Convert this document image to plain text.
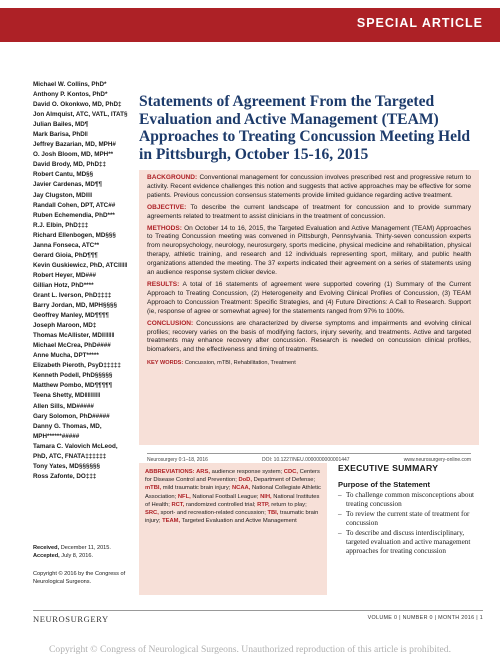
SPECIAL ARTICLE
Michael W. Collins, PhD*
Anthony P. Kontos, PhD*
David O. Okonkwo, MD, PhD‡
Jon Almquist, ATC, VATL, ITAT§
Julian Bailes, MD¶
Mark Barisa, PhD‖
Jeffrey Bazarian, MD, MPH#
O. Josh Bloom, MD, MPH**
David Brody, MD, PhD‡‡
Robert Cantu, MD§§
Javier Cardenas, MD¶¶
Jay Clugston, MD‖‖
Randall Cohen, DPT, ATC##
Ruben Echemendia, PhD***
R.J. Elbin, PhD‡‡‡
Richard Ellenbogen, MD§§§
Janna Fonseca, ATC**
Gerard Gioia, PhD¶¶¶
Kevin Guskiewicz, PhD, ATC‖‖‖
Robert Heyer, MD###
Gillian Hotz, PhD****
Grant L. Iverson, PhD‡‡‡‡
Barry Jordan, MD, MPH§§§§
Geoffrey Manley, MD¶¶¶¶
Joseph Maroon, MD‡
Thomas McAllister, MD‖‖‖‖
Michael McCrea, PhD####
Anne Mucha, DPT*****
Elizabeth Pieroth, PsyD‡‡‡‡‡
Kenneth Podell, PhD§§§§§
Matthew Pombo, MD¶¶¶¶¶
Teena Shetty, MD‖‖‖‖‖
Allen Sills, MD#####
Gary Solomon, PhD#####
Danny G. Thomas, MD,
MPH******#####
Tamara C. Valovich McLeod,
PhD, ATC, FNATA‡‡‡‡‡‡
Tony Yates, MD§§§§§§
Ross Zafonte, DO‡‡‡
Received, December 11, 2015.
Accepted, July 8, 2016.
Copyright © 2016 by the Congress of Neurological Surgeons.
Statements of Agreement From the Targeted Evaluation and Active Management (TEAM) Approaches to Treating Concussion Meeting Held in Pittsburgh, October 15-16, 2015

BACKGROUND: Conventional management for concussion involves prescribed rest and progressive return to activity. Recent evidence challenges this notion and suggests that active approaches may be effective for some patients. Previous concussion consensus statements provide limited guidance regarding active treatment.

OBJECTIVE: To describe the current landscape of treatment for concussion and to provide summary agreements related to treatment to assist clinicians in the treatment of concussion.

METHODS: On October 14 to 16, 2015, the Targeted Evaluation and Active Management (TEAM) Approaches to Treating Concussion meeting was convened in Pittsburgh, Pennsylvania. Thirty-seven concussion experts from neuropsychology, neurology, neurosurgery, sports medicine, physical medicine and rehabilitation, physical therapy, athletic training, and research and 12 individuals representing sport, military, and public health organizations attended the meeting. The 37 experts indicated their agreement on a series of statements using an audience response system clicker device.

RESULTS: A total of 16 statements of agreement were supported covering (1) Summary of the Current Approach to Treating Concussion, (2) Heterogeneity and Evolving Clinical Profiles of Concussion, (3) TEAM Approach to Concussion Treatment: Specific Strategies, and (4) Future Directions: A Call to Research. Support (ie, response of agree or somewhat agree) for the statements ranged from 97% to 100%.

CONCLUSION: Concussions are characterized by diverse symptoms and impairments and evolving clinical profiles; recovery varies on the basis of modifying factors, injury severity, and treatments. Active and targeted treatments may enhance recovery after concussion. Research is needed on concussion clinical profiles, biomarkers, and the effectiveness and timing of treatments.

KEY WORDS: Concussion, mTBI, Rehabilitation, Treatment

Neurosurgery 0:1–18, 2016	DOI: 10.1227/NEU.0000000000001447	www.neurosurgery-online.com

ABBREVIATIONS: ARS, audience response system; CDC, Centers for Disease Control and Prevention; DoD, Department of Defense; mTBI, mild traumatic brain injury; NCAA, National Collegiate Athletic Association; NFL, National Football League; NIH, National Institutes of Health; RCT, randomized controlled trial; RTP, return to play; SRC, sport- and recreation-related concussion; TBI, traumatic brain injury; TEAM, Targeted Evaluation and Active Management

EXECUTIVE SUMMARY
Purpose of the Statement
– To challenge common misconceptions about treating concussion
– To review the current state of treatment for concussion
– To describe and discuss interdisciplinary, targeted evaluation and active management approaches for treating concussion
NEUROSURGERY	VOLUME 0 | NUMBER 0 | MONTH 2016 | 1
Copyright © Congress of Neurological Surgeons. Unauthorized reproduction of this article is prohibited.
